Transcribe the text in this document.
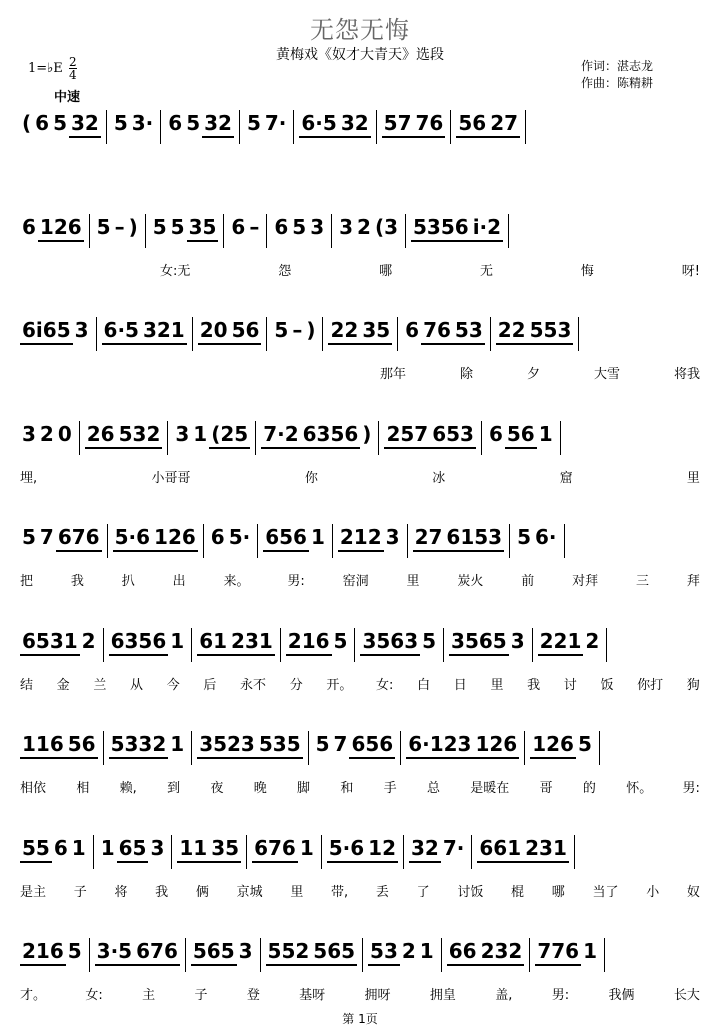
无怨无悔
黄梅戏《奴才大青天》选段
1=♭E $\frac{2}{4}$
中速
作词：湛志龙
作曲：陈精耕
( 6 5 32 5 3· 6 5 32 5 7· 6·5 32 57 76 56 27
6 126 5 – ) 5 5 35 6 – 6 5 3 3 2 (3 5356 i·2
女:无	怨	哪	无	悔	呀!
6i65 3 6·5 321 20 56 5 – ) 22 35 6 76 53 22 553
那年	除	夕	大雪	将我
3 2 0 26 532 3 1 (25 7·2 6356 ) 257 653 6 56 1
埋,	小哥哥	你	冰	窟	里
5 7 676 5·6 126 6 5· 656 1 212 3 27 6153 5 6·
把	我	扒	出	来。	男:	窑洞	里	炭火	前	对拜	三	拜
6531 2 6356 1 61 231 216 5 3563 5 3565 3 221 2
结 金 兰 从 今 后 永不 分 开。 女: 白 日 里 我 讨 饭 你打 狗
116 56 5332 1 3523 535 5 7 656 6·123 126 126 5
相依 相 赖, 到 夜 晚 脚 和 手 总 是暖在 哥 的 怀。 男:
55 6 1 1 65 3 11 35 676 1 5·6 12 32 7· 661 231
是主 子 将 我 俩 京城 里 带, 丢 了 讨饭 棍 哪 当了 小 奴
216 5 3·5 676 565 3 552 565 53 2 1 66 232 776 1
才。	女:	主	子	登	基呀	拥呀	拥皇	盖,	男:	我俩	长大
第 1页
